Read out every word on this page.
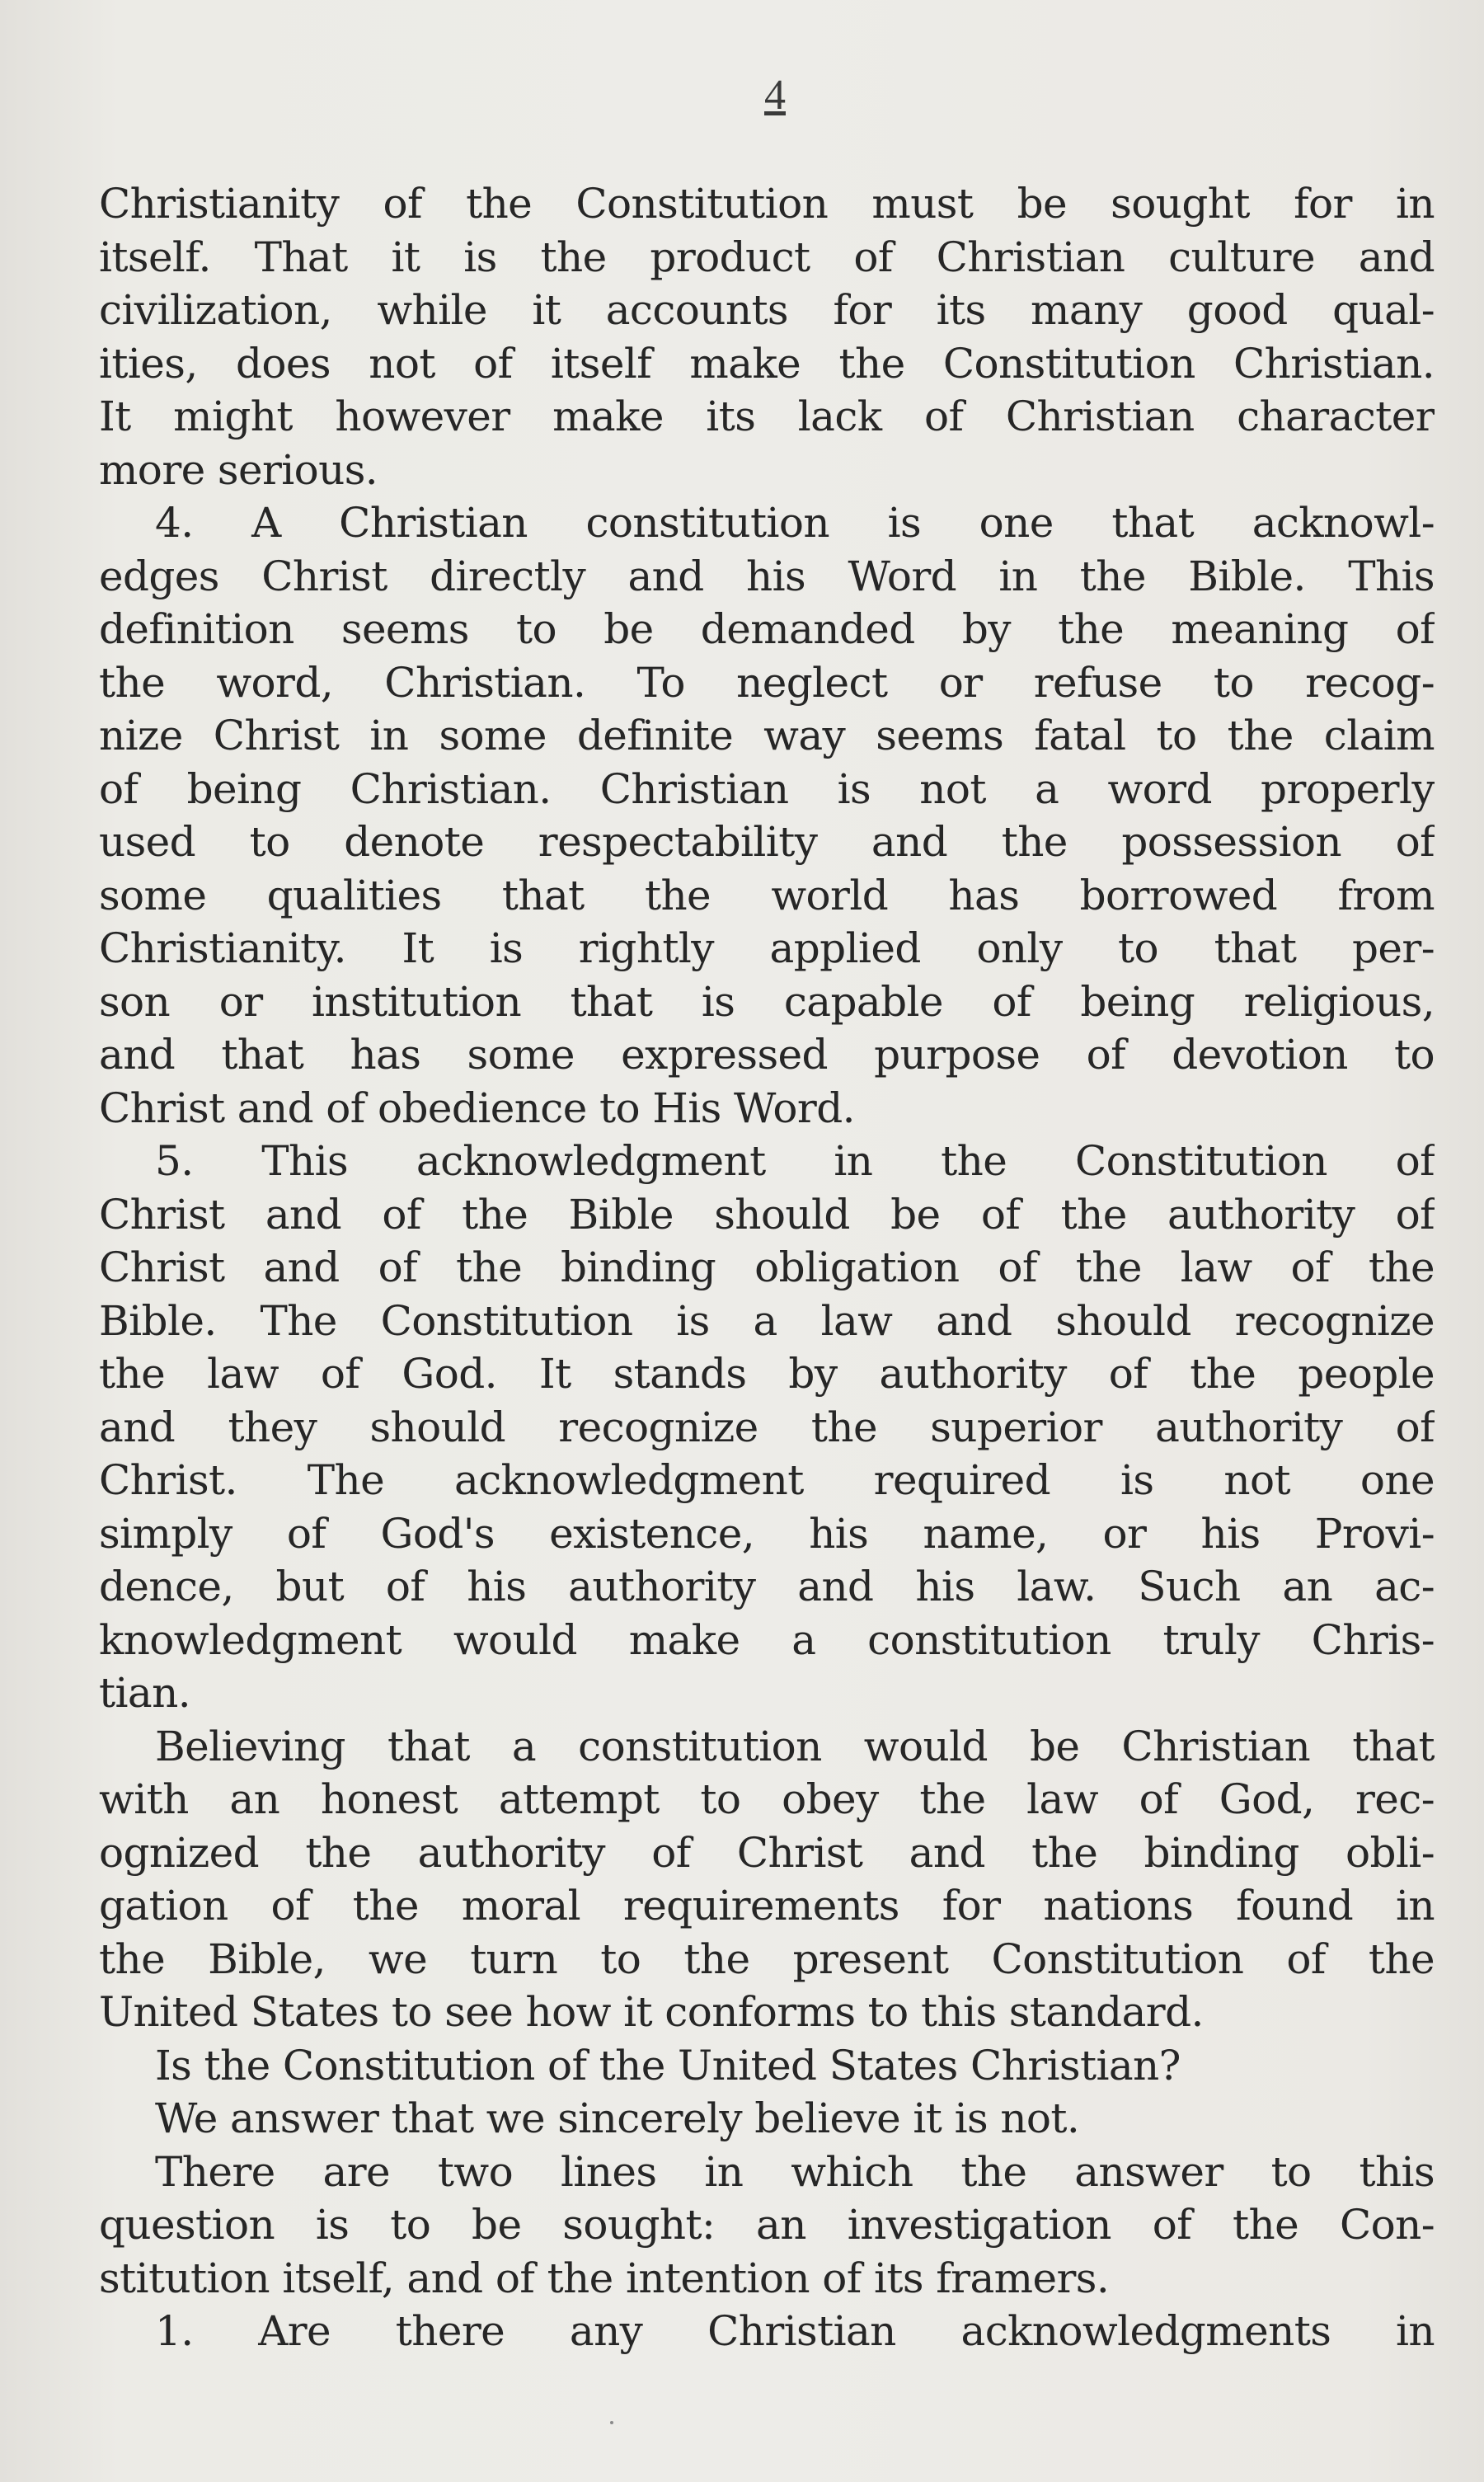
4
Christianity of the Constitution must be sought for in
itself. That it is the product of Christian culture and
civilization, while it accounts for its many good qual-
ities, does not of itself make the Constitution Christian.
It might however make its lack of Christian character
more serious.
4. A Christian constitution is one that acknowl-
edges Christ directly and his Word in the Bible. This
definition seems to be demanded by the meaning of
the word, Christian. To neglect or refuse to recog-
nize Christ in some definite way seems fatal to the claim
of being Christian. Christian is not a word properly
used to denote respectability and the possession of
some qualities that the world has borrowed from
Christianity. It is rightly applied only to that per-
son or institution that is capable of being religious,
and that has some expressed purpose of devotion to
Christ and of obedience to His Word.
5. This acknowledgment in the Constitution of
Christ and of the Bible should be of the authority of
Christ and of the binding obligation of the law of the
Bible. The Constitution is a law and should recognize
the law of God. It stands by authority of the people
and they should recognize the superior authority of
Christ. The acknowledgment required is not one
simply of God's existence, his name, or his Provi-
dence, but of his authority and his law. Such an ac-
knowledgment would make a constitution truly Chris-
tian.
Believing that a constitution would be Christian that
with an honest attempt to obey the law of God, rec-
ognized the authority of Christ and the binding obli-
gation of the moral requirements for nations found in
the Bible, we turn to the present Constitution of the
United States to see how it conforms to this standard.
Is the Constitution of the United States Christian?
We answer that we sincerely believe it is not.
There are two lines in which the answer to this
question is to be sought: an investigation of the Con-
stitution itself, and of the intention of its framers.
1. Are there any Christian acknowledgments in
